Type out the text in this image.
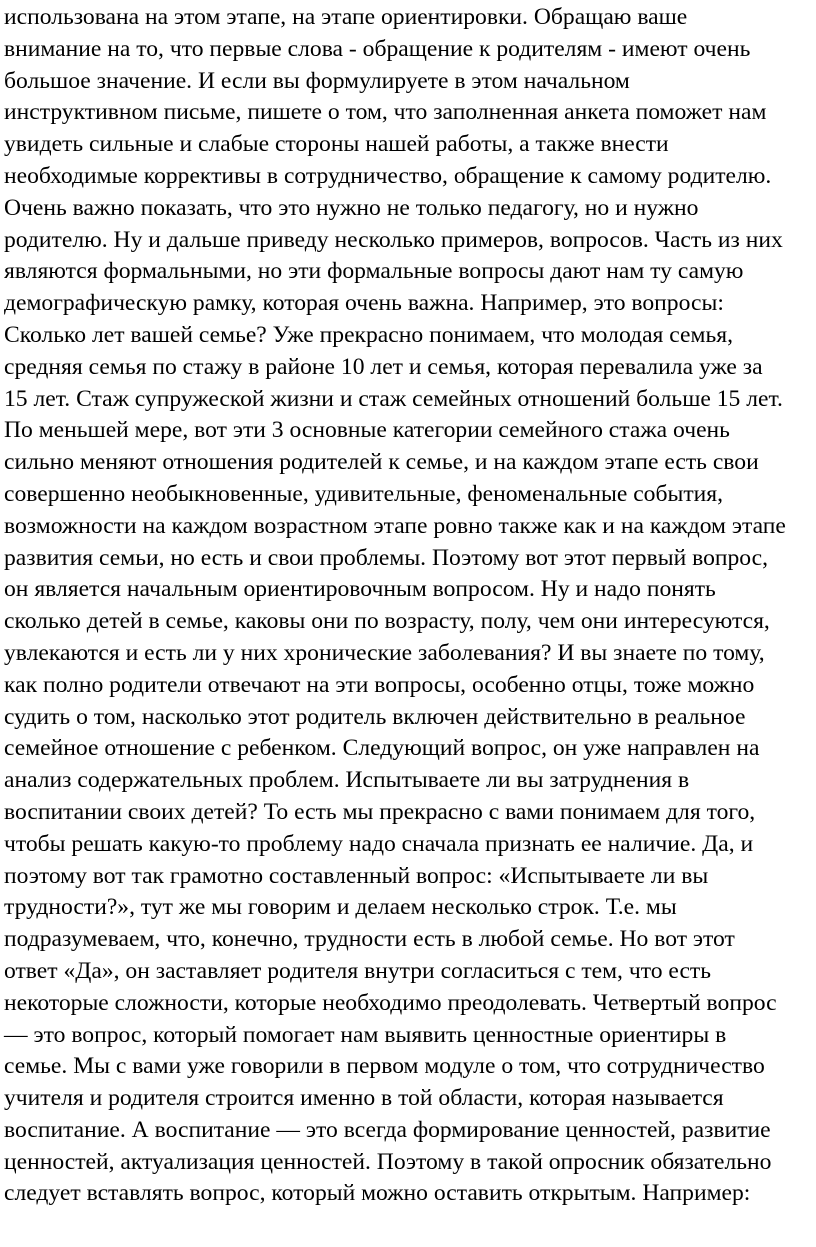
использована на этом этапе, на этапе ориентировки. Обращаю ваше
внимание на то, что первые слова - обращение к родителям - имеют очень
большое значение. И если вы формулируете в этом начальном
инструктивном письме, пишете о том, что заполненная анкета поможет нам
увидеть сильные и слабые стороны нашей работы, а также внести
необходимые коррективы в сотрудничество, обращение к самому родителю.
Очень важно показать, что это нужно не только педагогу, но и нужно
родителю. Ну и дальше приведу несколько примеров, вопросов. Часть из них
являются формальными, но эти формальные вопросы дают нам ту самую
демографическую рамку, которая очень важна. Например, это вопросы:
Сколько лет вашей семье? Уже прекрасно понимаем, что молодая семья,
средняя семья по стажу в районе 10 лет и семья, которая перевалила уже за
15 лет. Стаж супружеской жизни и стаж семейных отношений больше 15 лет.
По меньшей мере, вот эти 3 основные категории семейного стажа очень
сильно меняют отношения родителей к семье, и на каждом этапе есть свои
совершенно необыкновенные, удивительные, феноменальные события,
возможности на каждом возрастном этапе ровно также как и на каждом этапе
развития семьи, но есть и свои проблемы. Поэтому вот этот первый вопрос,
он является начальным ориентировочным вопросом. Ну и надо понять
сколько детей в семье, каковы они по возрасту, полу, чем они интересуются,
увлекаются и есть ли у них хронические заболевания? И вы знаете по тому,
как полно родители отвечают на эти вопросы, особенно отцы, тоже можно
судить о том, насколько этот родитель включен действительно в реальное
семейное отношение с ребенком. Следующий вопрос, он уже направлен на
анализ содержательных проблем. Испытываете ли вы затруднения в
воспитании своих детей? То есть мы прекрасно с вами понимаем для того,
чтобы решать какую-то проблему надо сначала признать ее наличие. Да, и
поэтому вот так грамотно составленный вопрос: «Испытываете ли вы
трудности?», тут же мы говорим и делаем несколько строк. Т.е. мы
подразумеваем, что, конечно, трудности есть в любой семье. Но вот этот
ответ «Да», он заставляет родителя внутри согласиться с тем, что есть
некоторые сложности, которые необходимо преодолевать. Четвертый вопрос
— это вопрос, который помогает нам выявить ценностные ориентиры в
семье. Мы с вами уже говорили в первом модуле о том, что сотрудничество
учителя и родителя строится именно в той области, которая называется
воспитание. А воспитание — это всегда формирование ценностей, развитие
ценностей, актуализация ценностей. Поэтому в такой опросник обязательно
следует вставлять вопрос, который можно оставить открытым. Например:
